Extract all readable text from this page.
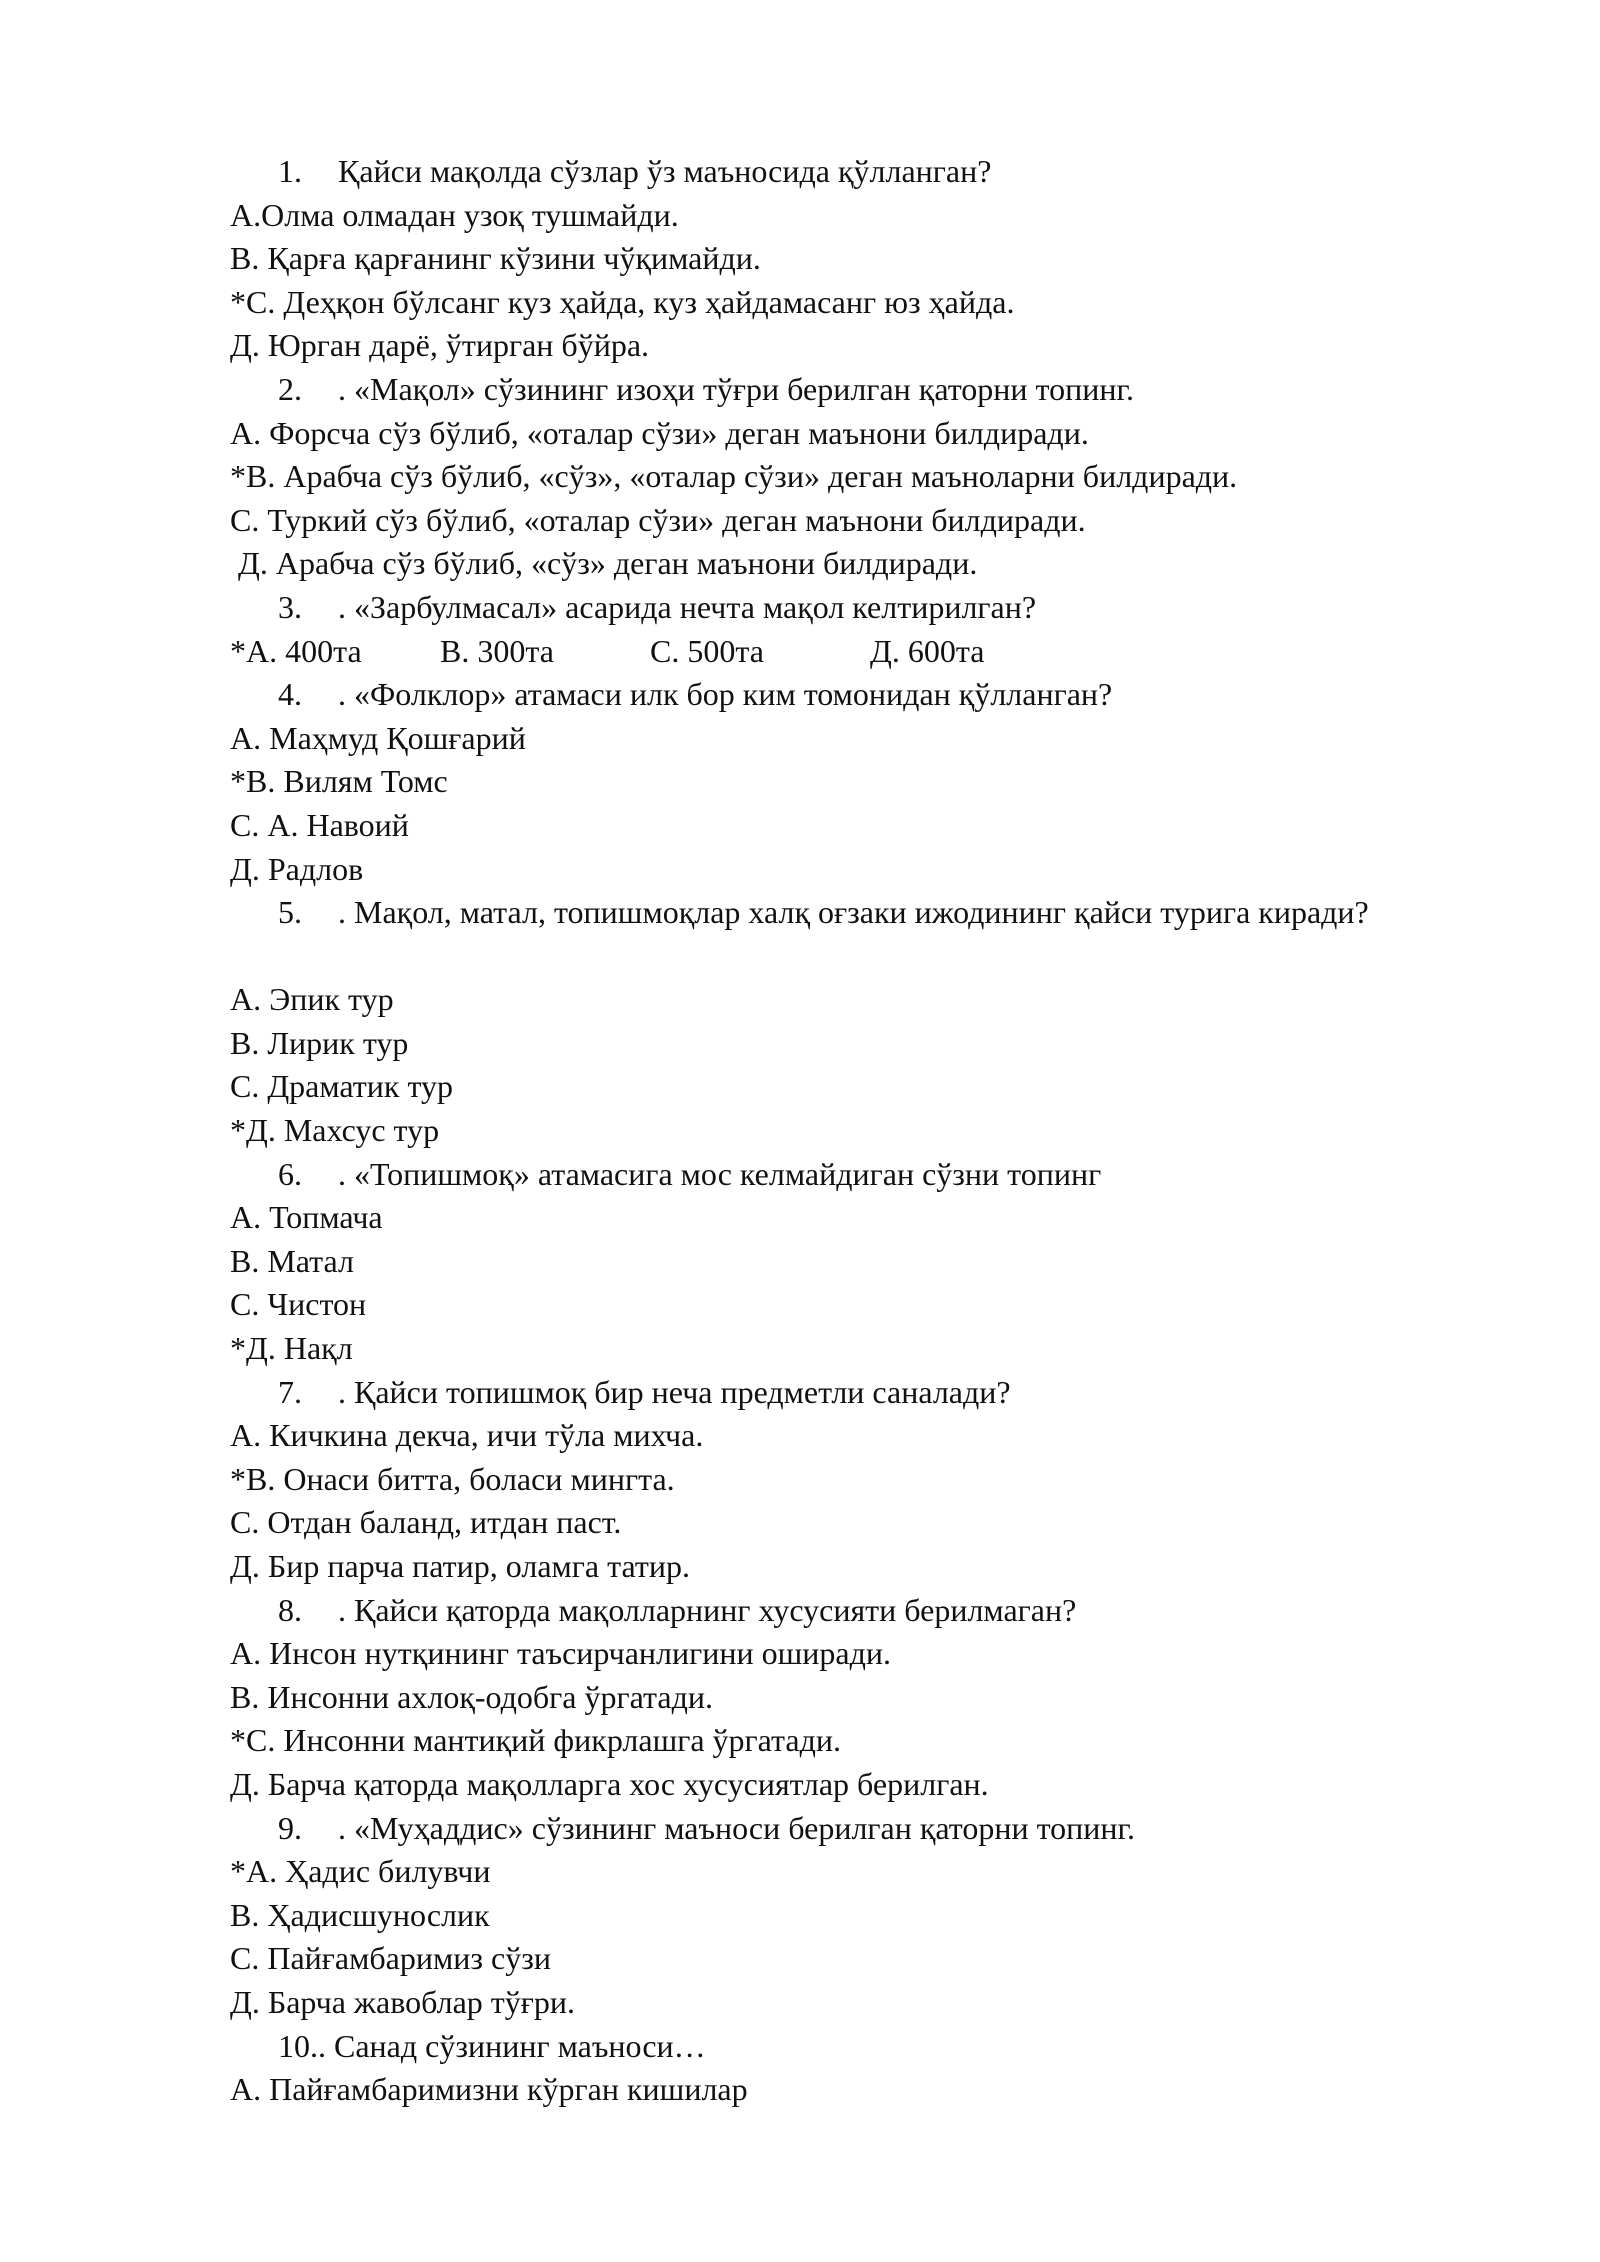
1.	Қайси мақолда сўзлар ўз маъносида қўлланган?
А.Олма олмадан узоқ тушмайди.
В. Қарға қарғанинг кўзини чўқимайди.
*С. Деҳқон бўлсанг куз ҳайда, куз ҳайдамасанг юз ҳайда.
Д. Юрган дарё, ўтирган бўйра.
2.	. «Мақол» сўзининг изоҳи тўғри берилган қаторни топинг.
А. Форсча сўз бўлиб, «оталар сўзи» деган маънони билдиради.
*В. Арабча сўз бўлиб, «сўз», «оталар сўзи» деган маъноларни билдиради.
С. Туркий сўз бўлиб, «оталар сўзи» деган маънони билдиради.
Д. Арабча сўз бўлиб, «сўз» деган маънони билдиради.
3.	. «Зарбулмасал» асарида нечта мақол келтирилган?
*А. 400та В. 300та	С. 500та	Д. 600та
4.	. «Фолклор» атамаси илк бор ким томонидан қўлланган?
А. Маҳмуд Қошғарий
*В. Вилям Томс
С. А. Навоий
Д. Радлов
5.	. Мақол, матал, топишмоқлар халқ оғзаки ижодининг қайси турига киради?
А. Эпик тур
В. Лирик тур
С. Драматик тур
*Д. Махсус тур
6.	. «Топишмоқ» атамасига мос келмайдиган сўзни топинг
А. Топмача
В. Матал
С. Чистон
*Д. Нақл
7.	. Қайси топишмоқ бир неча предметли саналади?
А. Кичкина декча, ичи тўла михча.
*В. Онаси битта, боласи мингта.
С. Отдан баланд, итдан паст.
Д. Бир парча патир, оламга татир.
8.	. Қайси қаторда мақолларнинг хусусияти берилмаган?
А. Инсон нутқининг таъсирчанлигини оширади.
В. Инсонни ахлоқ-одобга ўргатади.
*С. Инсонни мантиқий фикрлашга ўргатади.
Д. Барча қаторда мақолларга хос хусусиятлар берилган.
9.	. «Муҳаддис» сўзининг маъноси берилган қаторни топинг.
*А. Ҳадис билувчи
В. Ҳадисшунослик
С. Пайғамбаримиз сўзи
Д. Барча жавоблар тўғри.
10.. Санад сўзининг маъноси…
А. Пайғамбаримизни кўрган кишилар
